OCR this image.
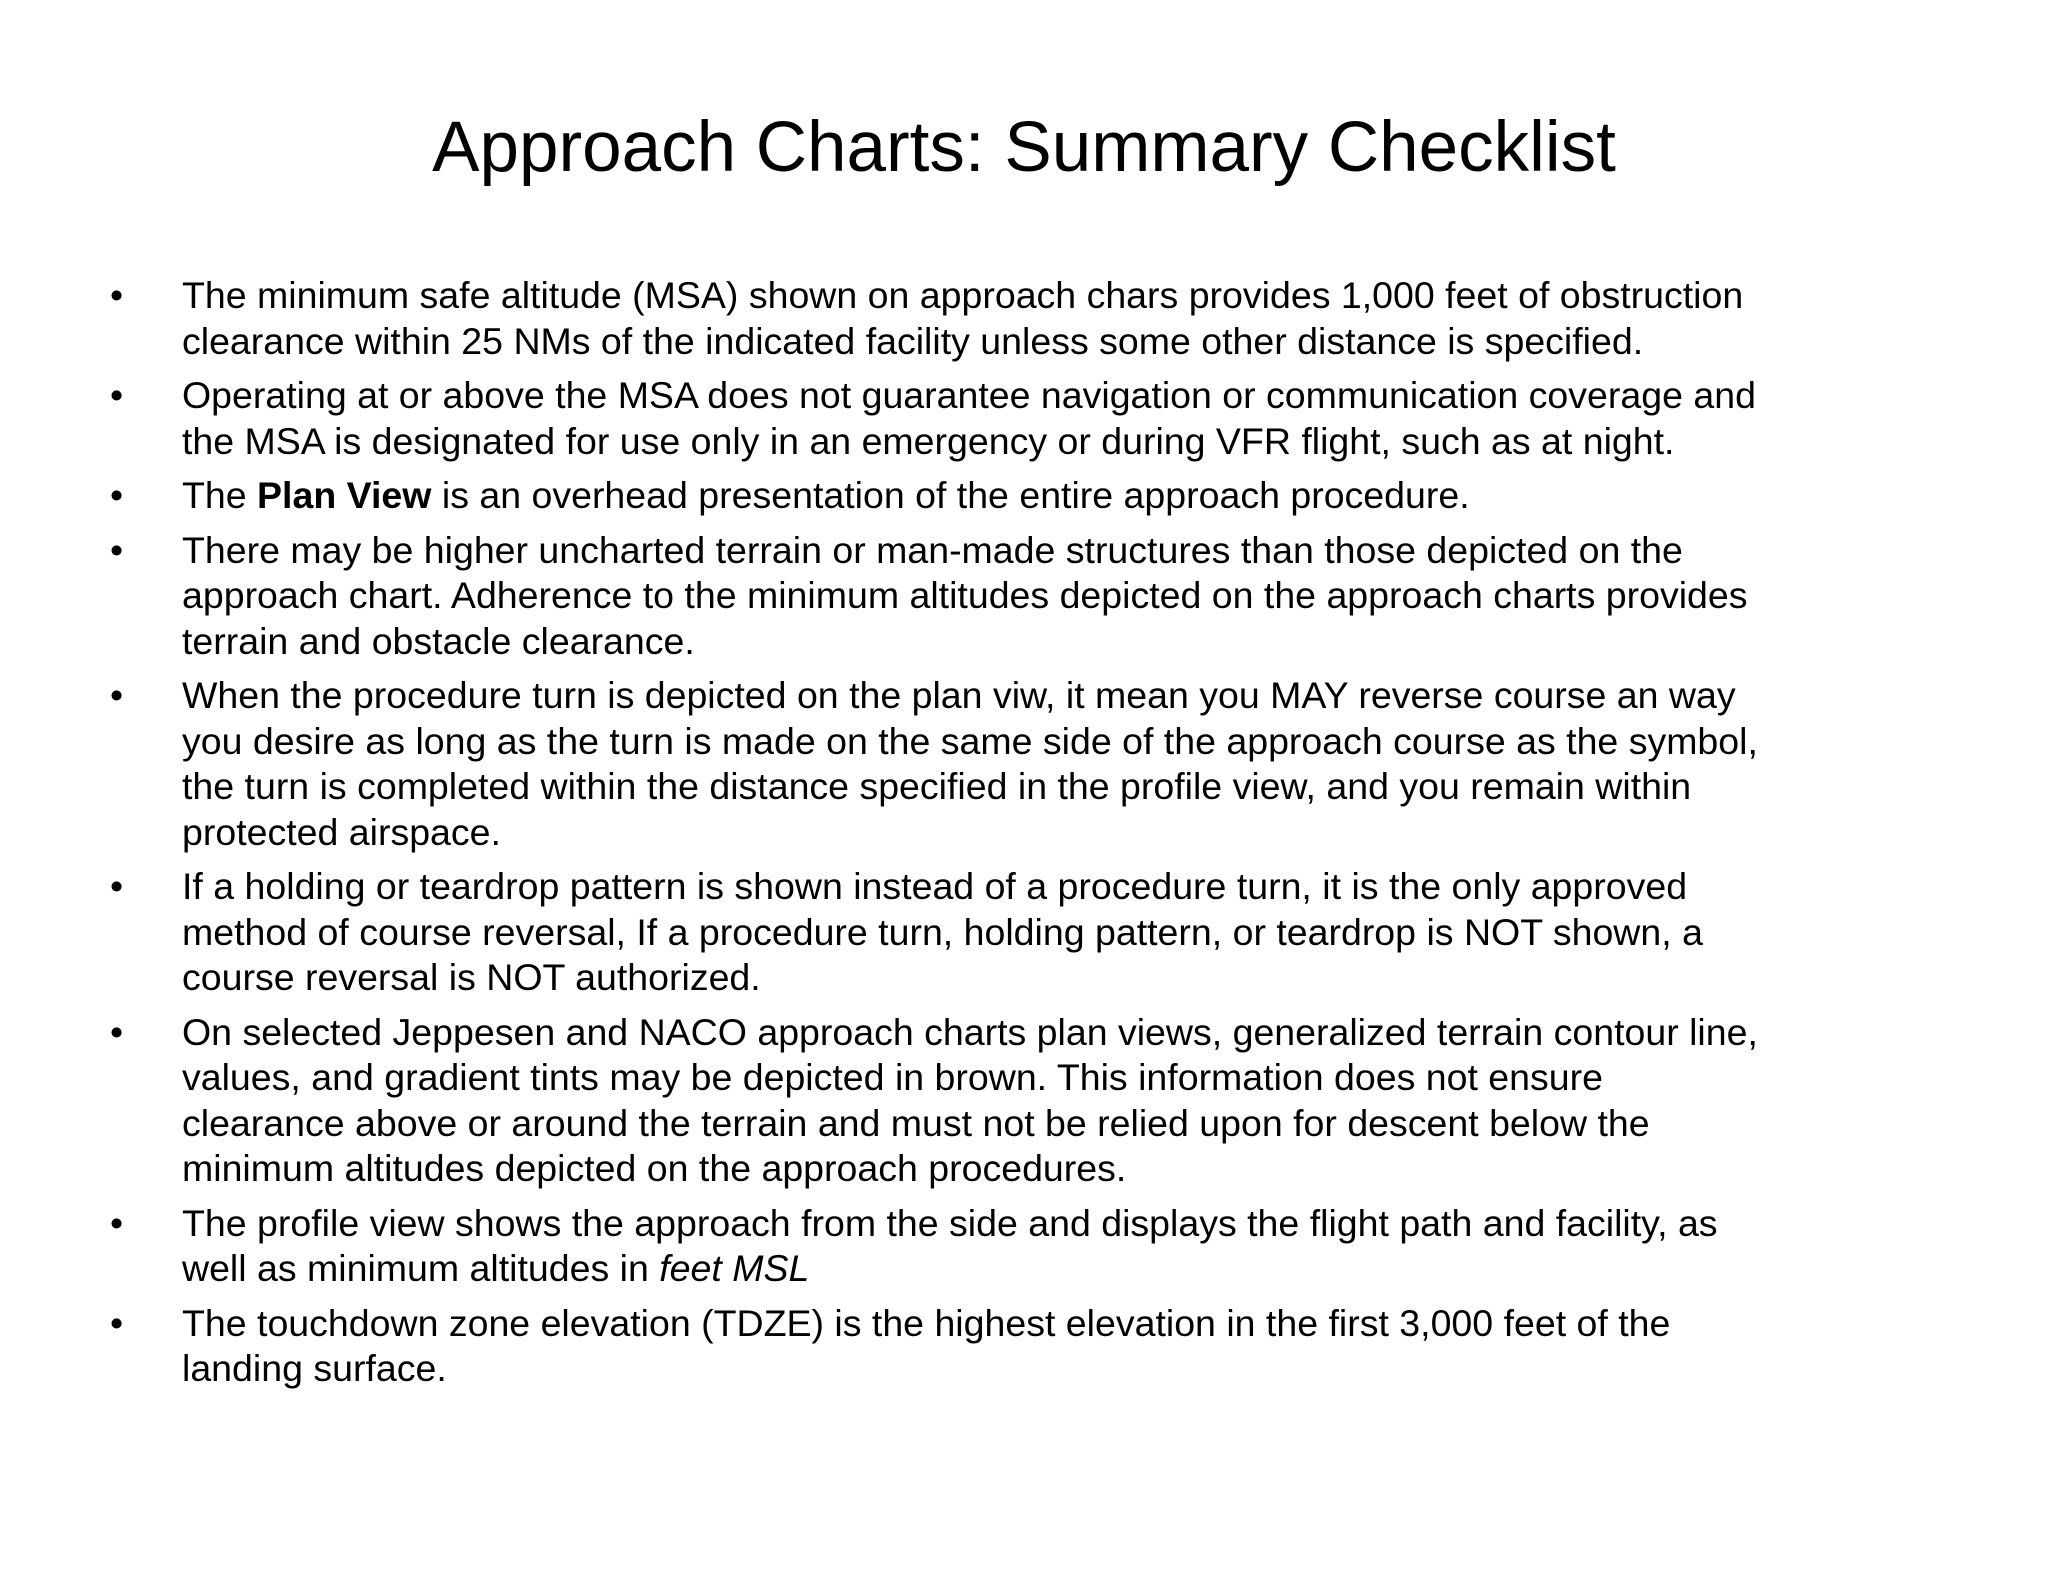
Approach Charts: Summary Checklist
• The minimum safe altitude (MSA) shown on approach chars provides 1,000 feet of obstruction
clearance within 25 NMs of the indicated facility unless some other distance is specified.
• Operating at or above the MSA does not guarantee navigation or communication coverage and
the MSA is designated for use only in an emergency or during VFR flight, such as at night.
• The Plan View is an overhead presentation of the entire approach procedure.
• There may be higher uncharted terrain or man-made structures than those depicted on the
approach chart. Adherence to the minimum altitudes depicted on the approach charts provides
terrain and obstacle clearance.
• When the procedure turn is depicted on the plan viw, it mean you MAY reverse course an way
you desire as long as the turn is made on the same side of the approach course as the symbol,
the turn is completed within the distance specified in the profile view, and you remain within
protected airspace.
• If a holding or teardrop pattern is shown instead of a procedure turn, it is the only approved
method of course reversal, If a procedure turn, holding pattern, or teardrop is NOT shown, a
course reversal is NOT authorized.
• On selected Jeppesen and NACO approach charts plan views, generalized terrain contour line,
values, and gradient tints may be depicted in brown. This information does not ensure
clearance above or around the terrain and must not be relied upon for descent below the
minimum altitudes depicted on the approach procedures.
• The profile view shows the approach from the side and displays the flight path and facility, as
well as minimum altitudes in feet MSL
• The touchdown zone elevation (TDZE) is the highest elevation in the first 3,000 feet of the
landing surface.
